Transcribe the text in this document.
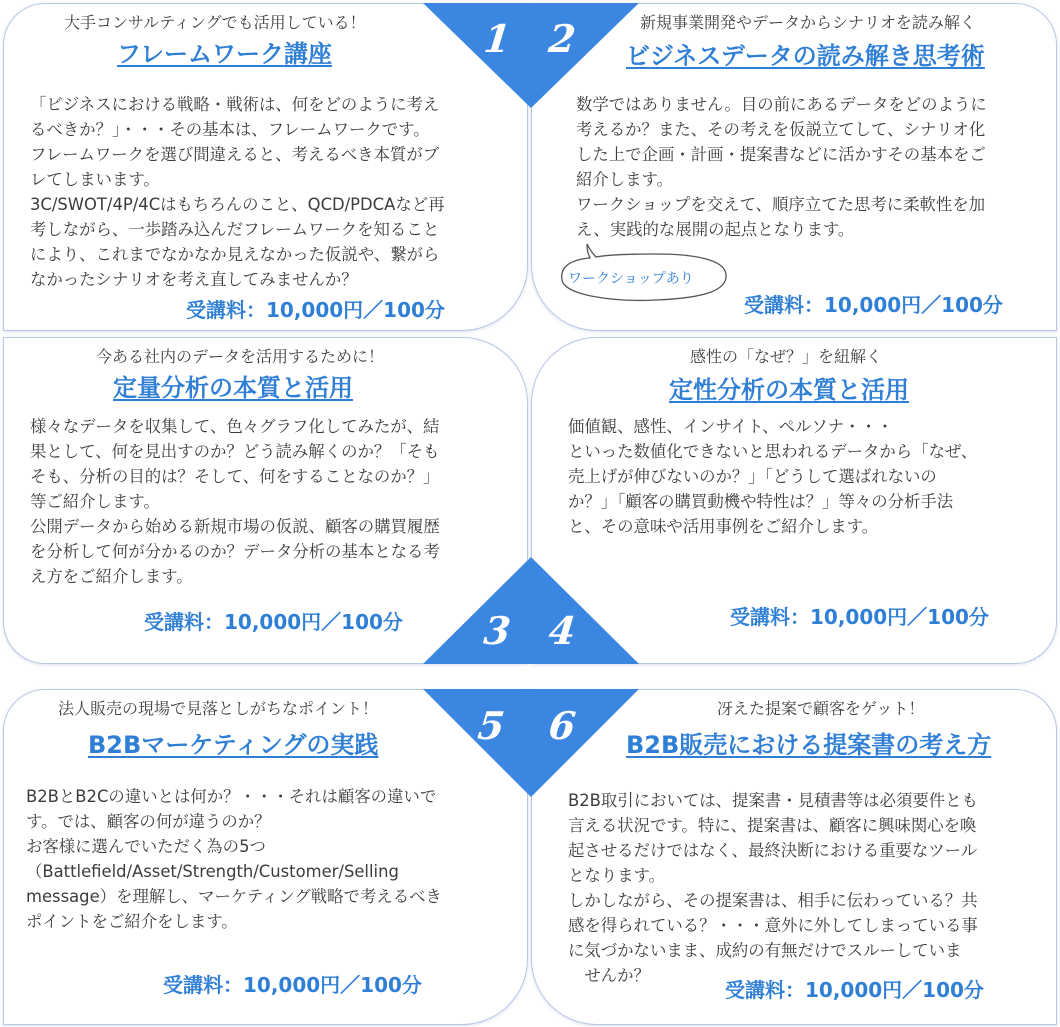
大手コンサルティングでも活用している！
フレームワーク講座
「ビジネスにおける戦略・戦術は、何をどのように考え
るべきか？」・・・その基本は、フレームワークです。
フレームワークを選び間違えると、考えるべき本質がブ
レてしまいます。
3C/SWOT/4P/4Cはもちろんのこと、QCD/PDCAなど再
考しながら、一歩踏み込んだフレームワークを知ること
により、これまでなかなか見えなかった仮説や、繋がら
なかったシナリオを考え直してみませんか？
受講料：10,000円／100分
新規事業開発やデータからシナリオを読み解く
ビジネスデータの読み解き思考術
数学ではありません。目の前にあるデータをどのように
考えるか？また、その考えを仮説立てして、シナリオ化
した上で企画・計画・提案書などに活かすその基本をご
紹介します。
ワークショップを交えて、順序立てた思考に柔軟性を加
え、実践的な展開の起点となります。
ワークショップあり
受講料：10,000円／100分
今ある社内のデータを活用するために！
定量分析の本質と活用
様々なデータを収集して、色々グラフ化してみたが、結
果として、何を見出すのか？どう読み解くのか？「そも
そも、分析の目的は？そして、何をすることなのか？」
等ご紹介します。
公開データから始める新規市場の仮説、顧客の購買履歴
を分析して何が分かるのか？データ分析の基本となる考
え方をご紹介します。
受講料：10,000円／100分
感性の「なぜ？」を紐解く
定性分析の本質と活用
価値観、感性、インサイト、ペルソナ・・・
といった数値化できないと思われるデータから「なぜ、
売上げが伸びないのか？」「どうして選ばれないの
か？」「顧客の購買動機や特性は？」等々の分析手法
と、その意味や活用事例をご紹介します。
受講料：10,000円／100分
法人販売の現場で見落としがちなポイント！
B2Bマーケティングの実践
B2BとB2Cの違いとは何か？・・・それは顧客の違いで
す。では、顧客の何が違うのか？
お客様に選んでいただく為の5つ
（Battlefield/Asset/Strength/Customer/Selling
message）を理解し、マーケティング戦略で考えるべき
ポイントをご紹介をします。
受講料：10,000円／100分
冴えた提案で顧客をゲット！
B2B販売における提案書の考え方
B2B取引においては、提案書・見積書等は必須要件とも
言える状況です。特に、提案書は、顧客に興味関心を喚
起させるだけではなく、最終決断における重要なツール
となります。
しかしながら、その提案書は、相手に伝わっている？共
感を得られている？・・・意外に外してしまっている事
に気づかないまま、成約の有無だけでスルーしていま
　せんか？
受講料：10,000円／100分
1 2
3 4
5 6
